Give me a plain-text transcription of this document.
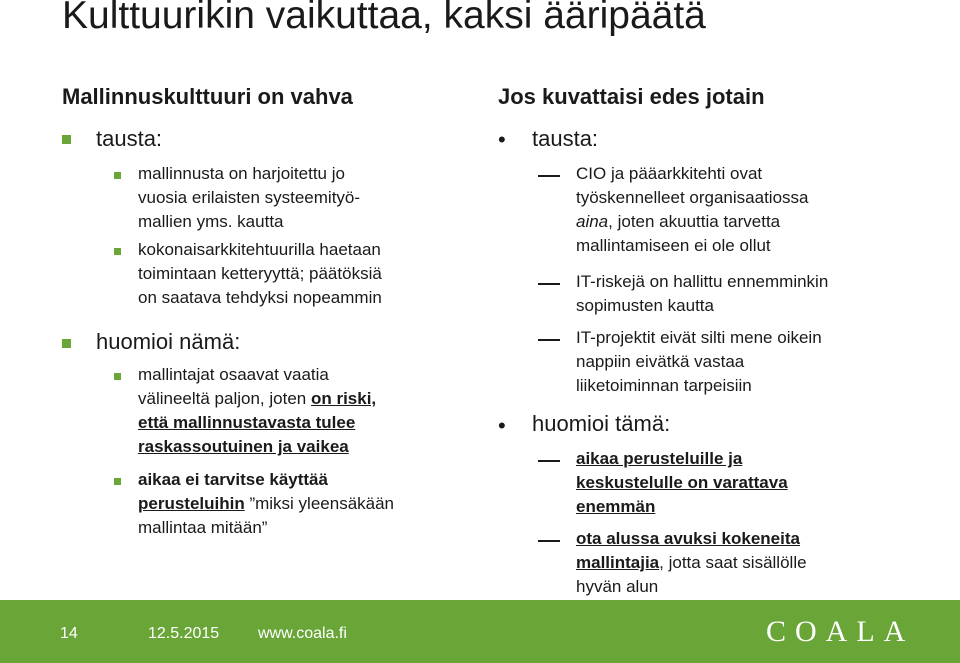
Kulttuurikin vaikuttaa, kaksi ääripäätä
Mallinnuskulttuuri on vahva
tausta:
mallinnusta on harjoitettu jo
vuosia erilaisten systeemityö-
mallien yms. kautta
kokonaisarkkitehtuurilla haetaan
toimintaan ketteryyttä; päätöksiä
on saatava tehdyksi nopeammin
huomioi nämä:
mallintajat osaavat vaatia
välineeltä paljon, joten on riski,
että mallinnustavasta tulee
raskassoutuinen ja vaikea
aikaa ei tarvitse käyttää
perusteluihin ”miksi yleensäkään
mallintaa mitään”
Jos kuvattaisi edes jotain
• tausta:
CIO ja pääarkkitehti ovat
työskennelleet organisaatiossa
aina, joten akuuttia tarvetta
mallintamiseen ei ole ollut
IT-riskejä on hallittu ennemminkin
sopimusten kautta
IT-projektit eivät silti mene oikein
nappiin eivätkä vastaa
liiketoiminnan tarpeisiin
• huomioi tämä:
aikaa perusteluille ja
keskustelulle on varattava
enemmän
ota alussa avuksi kokeneita
mallintajia, jotta saat sisällölle
hyvän alun
14	12.5.2015 www.coala.fi	COALA
